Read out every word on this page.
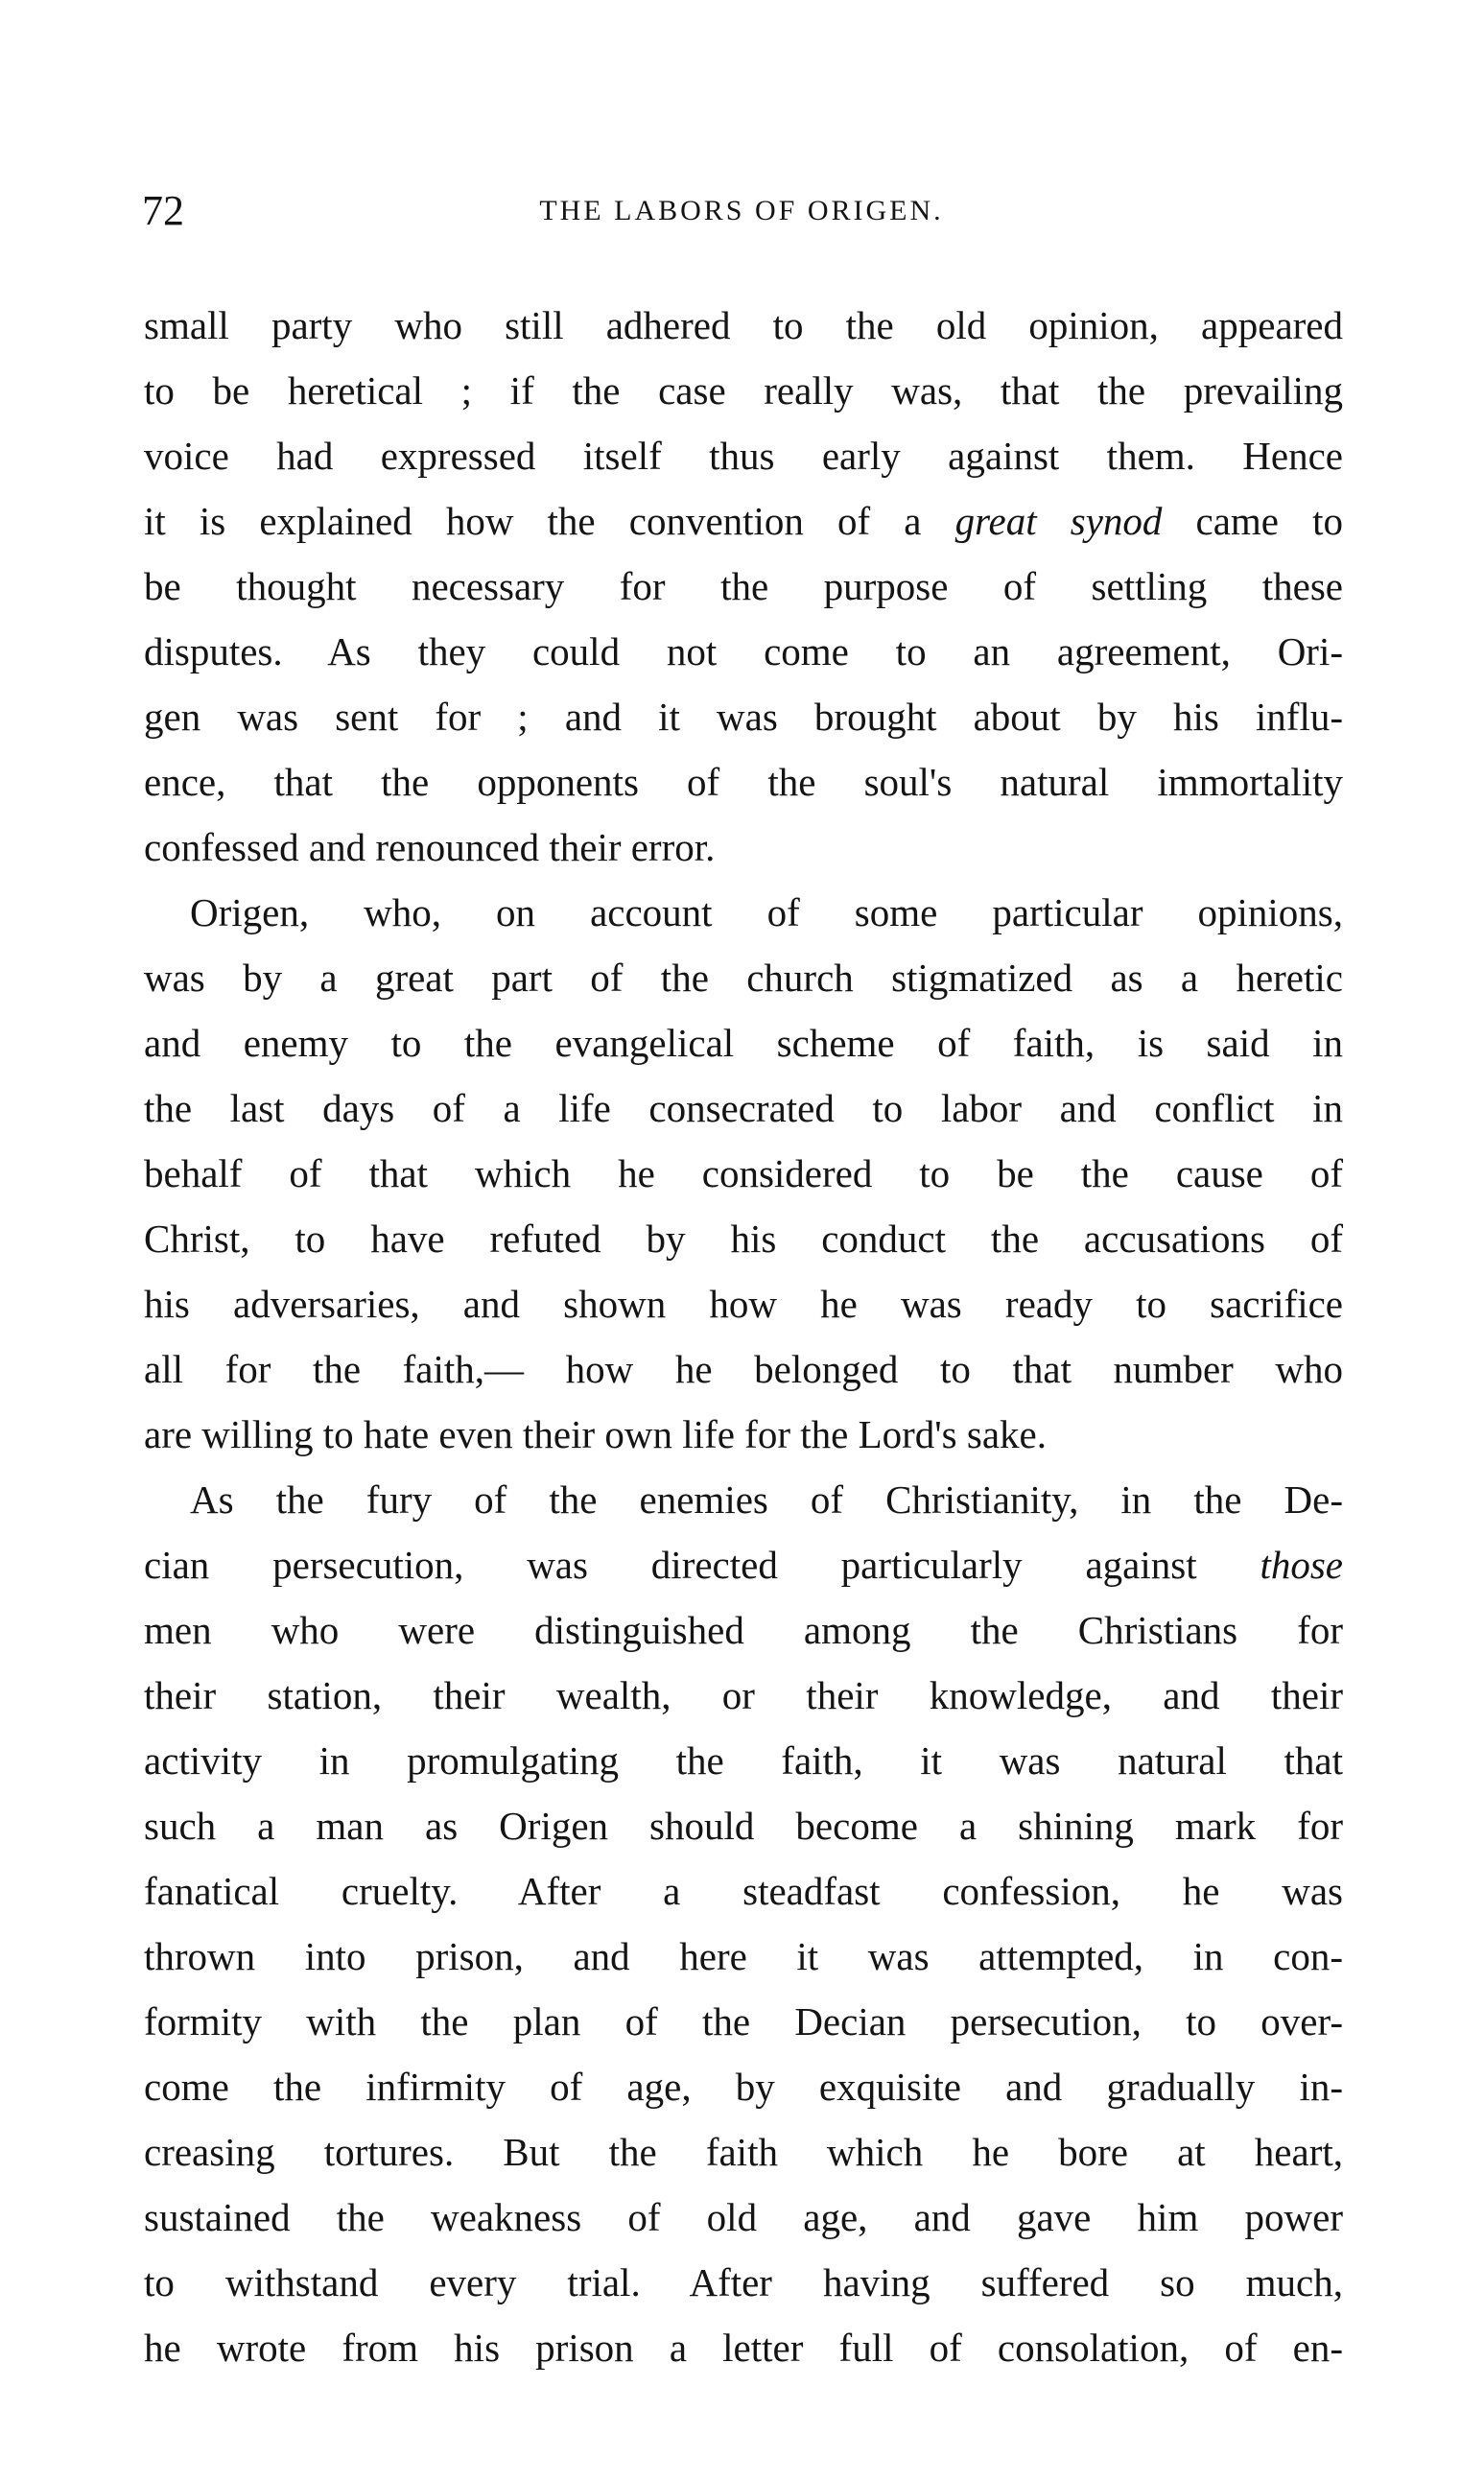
72	THE LABORS OF ORIGEN.
small party who still adhered to the old opinion, appeared
to be heretical ; if the case really was, that the prevailing
voice had expressed itself thus early against them. Hence
it is explained how the convention of a great synod came to
be thought necessary for the purpose of settling these
disputes. As they could not come to an agreement, Ori-
gen was sent for ; and it was brought about by his influ-
ence, that the opponents of the soul's natural immortality
confessed and renounced their error.
Origen, who, on account of some particular opinions,
was by a great part of the church stigmatized as a heretic
and enemy to the evangelical scheme of faith, is said in
the last days of a life consecrated to labor and conflict in
behalf of that which he considered to be the cause of
Christ, to have refuted by his conduct the accusations of
his adversaries, and shown how he was ready to sacrifice
all for the faith,— how he belonged to that number who
are willing to hate even their own life for the Lord's sake.
As the fury of the enemies of Christianity, in the De-
cian persecution, was directed particularly against those
men who were distinguished among the Christians for
their station, their wealth, or their knowledge, and their
activity in promulgating the faith, it was natural that
such a man as Origen should become a shining mark for
fanatical cruelty. After a steadfast confession, he was
thrown into prison, and here it was attempted, in con-
formity with the plan of the Decian persecution, to over-
come the infirmity of age, by exquisite and gradually in-
creasing tortures. But the faith which he bore at heart,
sustained the weakness of old age, and gave him power
to withstand every trial. After having suffered so much,
he wrote from his prison a letter full of consolation, of en-
